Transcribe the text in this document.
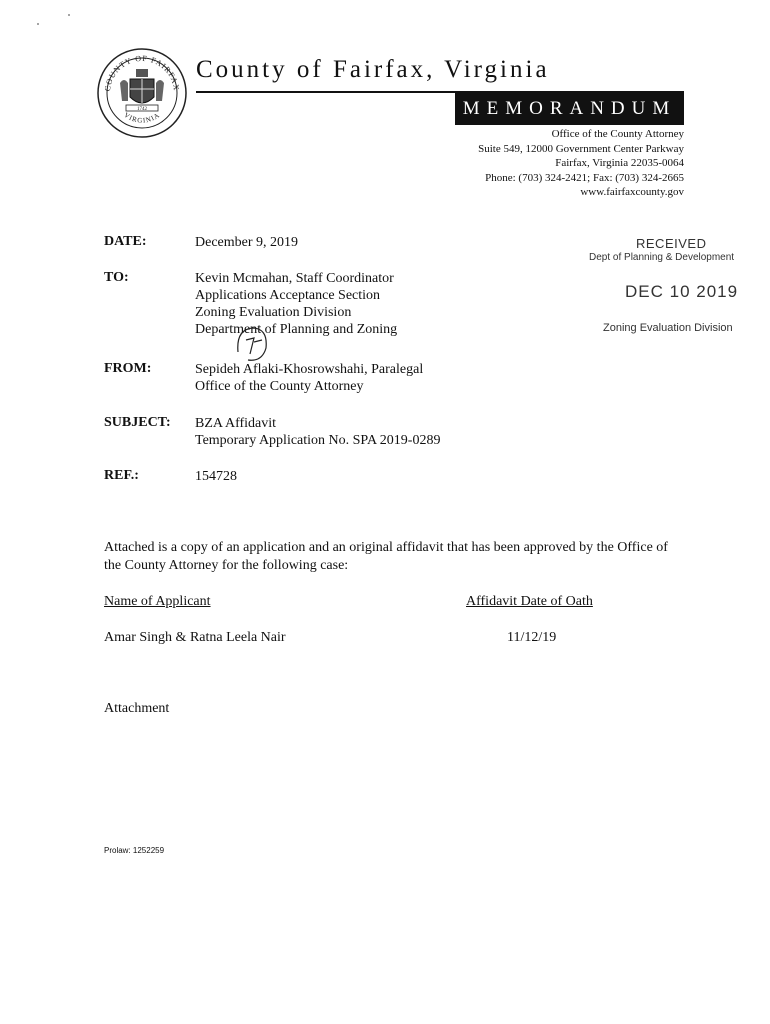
COUNTY OF FAIRFAX
VIRGINIA
1742
County of Fairfax, Virginia
MEMORANDUM
Office of the County Attorney
Suite 549, 12000 Government Center Parkway
Fairfax, Virginia 22035-0064
Phone: (703) 324-2421; Fax: (703) 324-2665
www.fairfaxcounty.gov
RECEIVED
Dept of Planning & Development
DEC 10 2019
Zoning Evaluation Division
DATE:	December 9, 2019
TO:	Kevin Mcmahan, Staff Coordinator
Applications Acceptance Section
Zoning Evaluation Division
Department of Planning and Zoning
FROM:	Sepideh Aflaki-Khosrowshahi, Paralegal
Office of the County Attorney
SUBJECT: BZA Affidavit
Temporary Application No. SPA 2019-0289
REF.:	154728
Attached is a copy of an application and an original affidavit that has been approved by the Office of the County Attorney for the following case:
Name of Applicant	Affidavit Date of Oath
Amar Singh & Ratna Leela Nair	11/12/19
Attachment
Prolaw: 1252259
